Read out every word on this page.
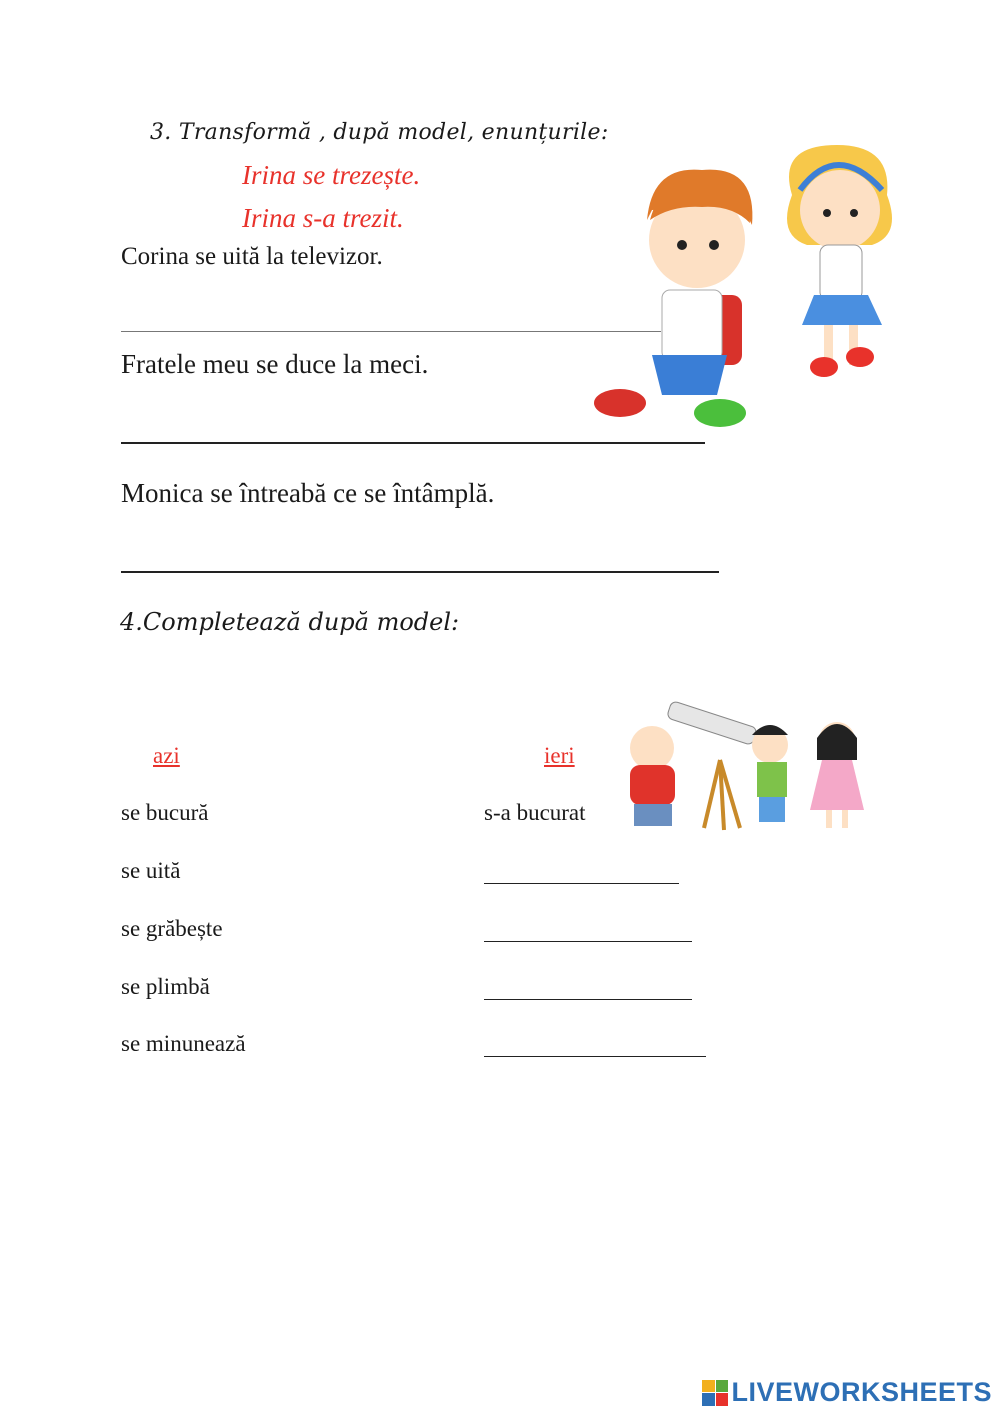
3. Transformă , după model, enunțurile:
Irina se trezește.
Irina s-a trezit.
Corina se uită la televizor.
Fratele meu se duce la meci.
Monica se întreabă ce se întâmplă.
4.Completează după model:
azi	ieri
se bucură	s-a bucurat
se uită
se grăbește
se plimbă
se minunează
LIVEWORKSHEETS
